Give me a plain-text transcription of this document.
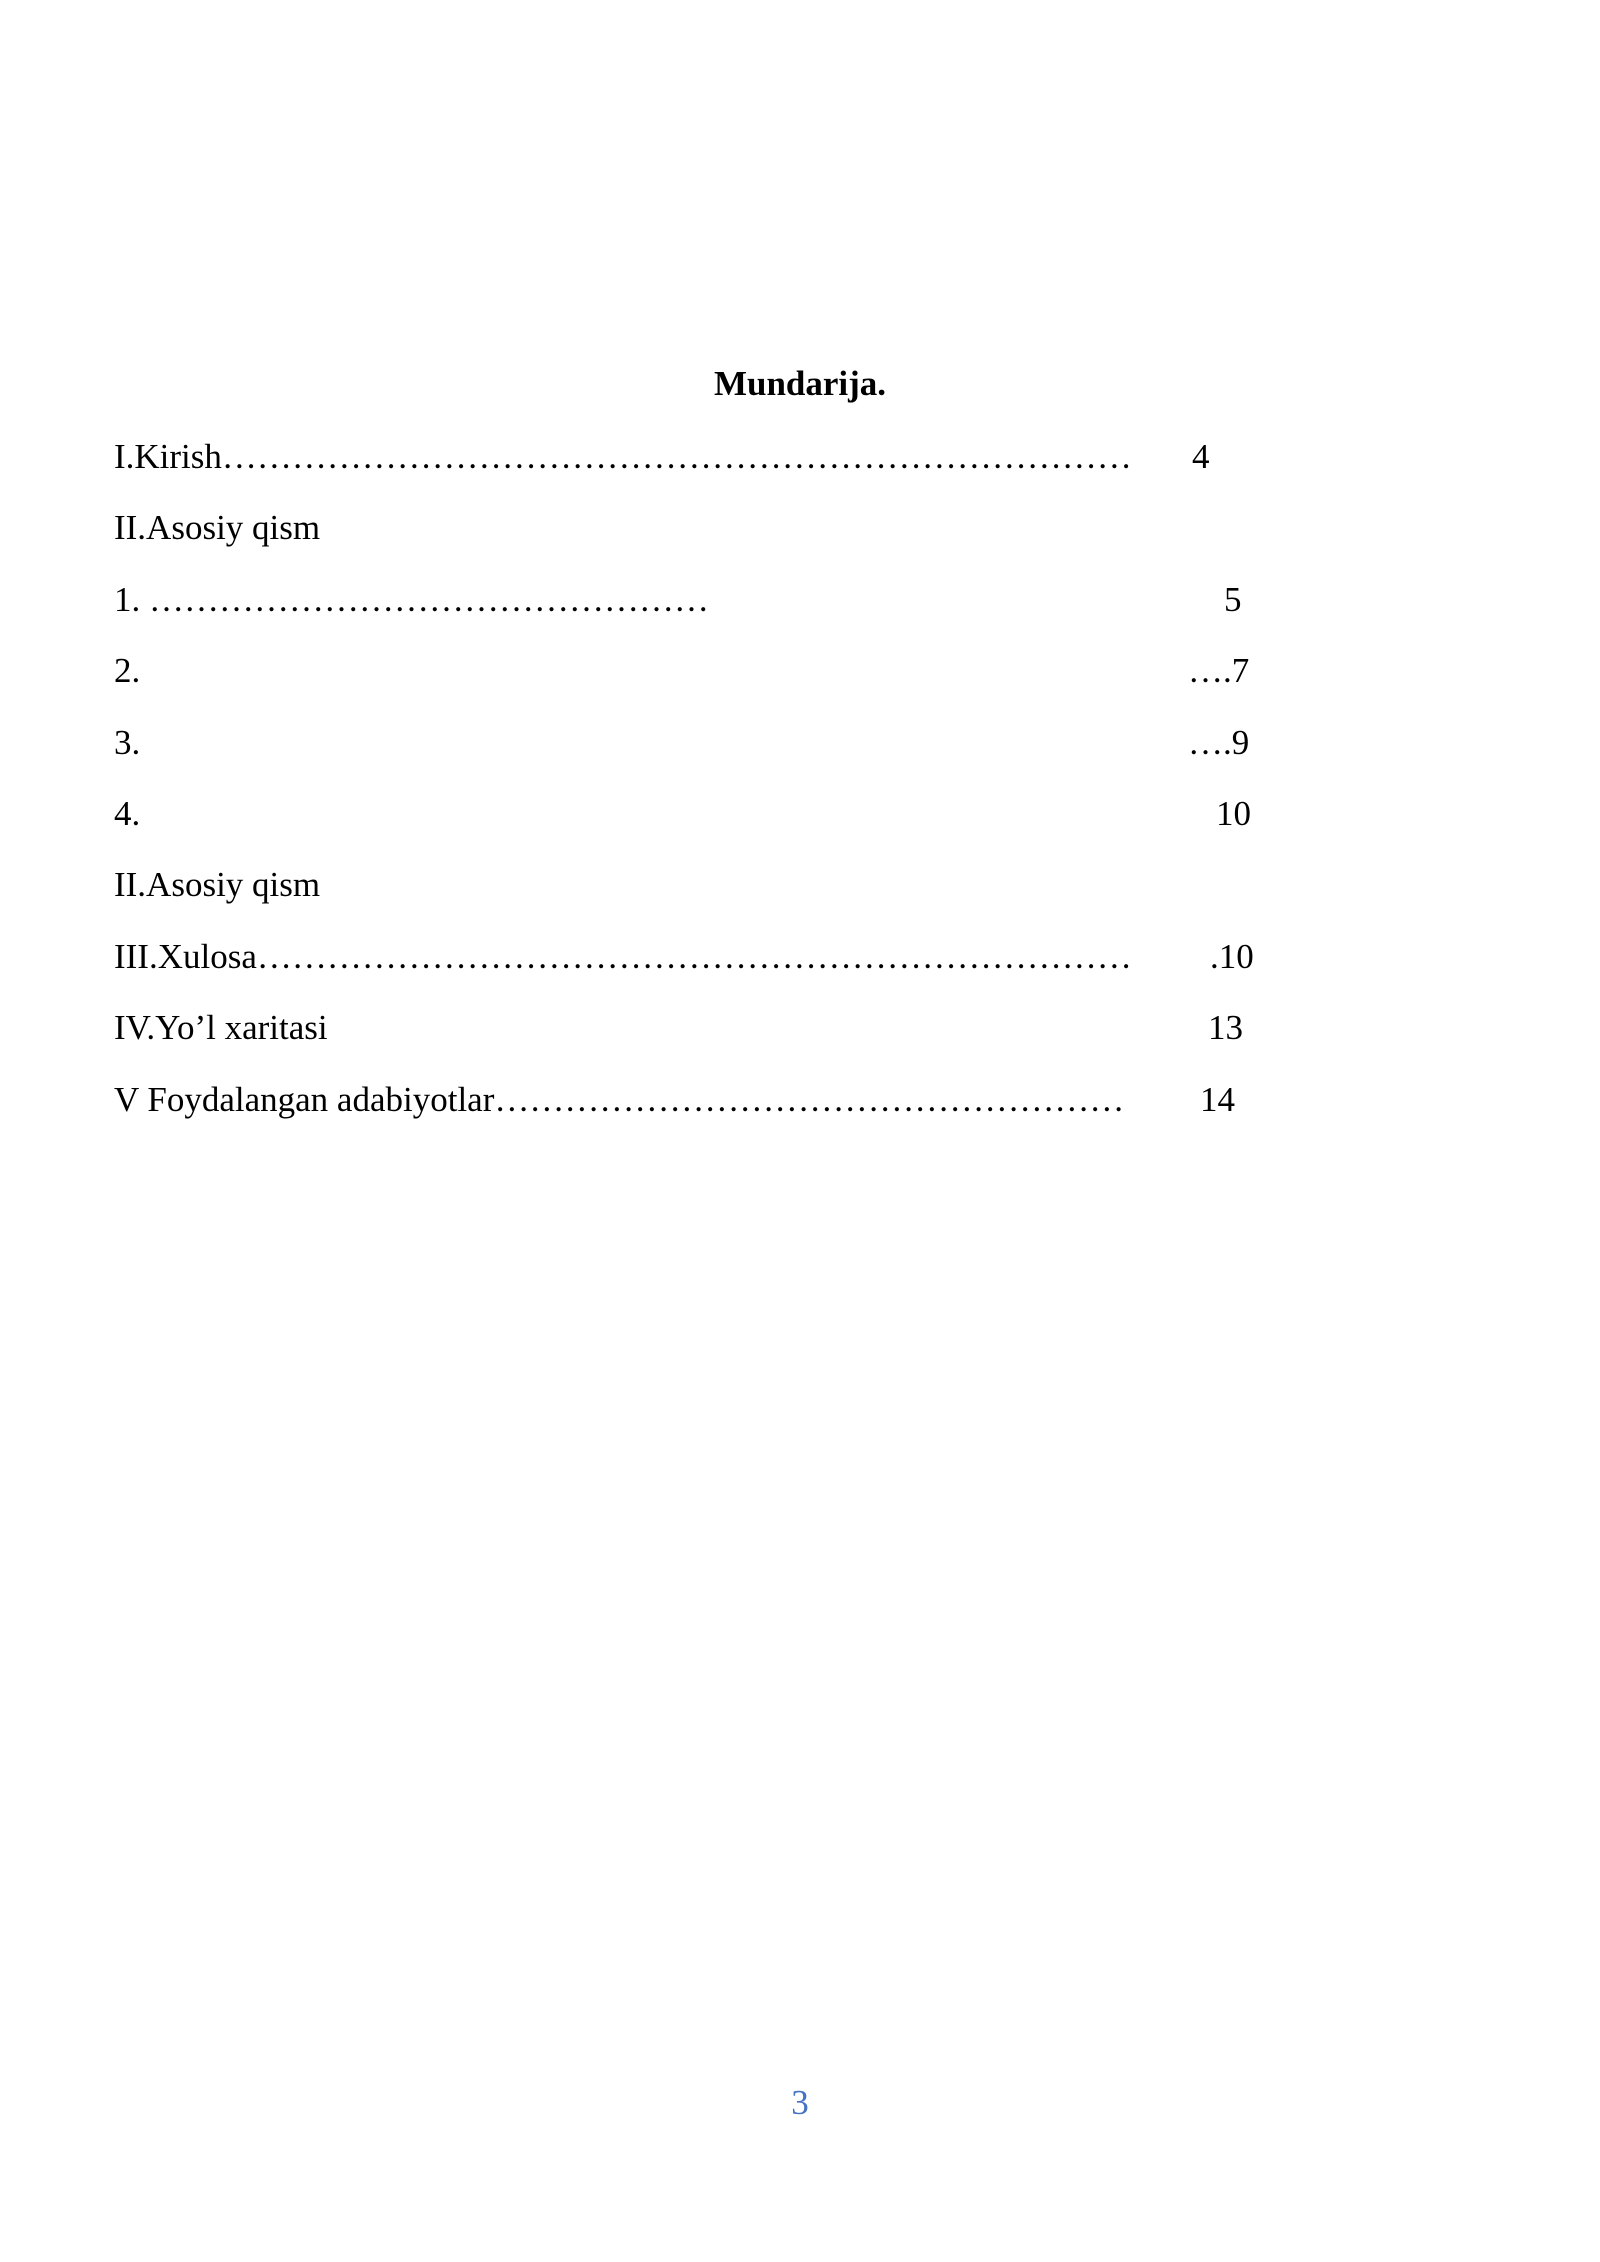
Mundarija.
I.Kirish…………………………………………………………………… 4
II.Asosiy qism
1. …………………………………………	5
2.	….7
3.	….9
4.	10
II.Asosiy qism
III.Xulosa………………………………………………………………… .10
IV.Yo’l xaritasi	13
V Foydalangan adabiyotlar……………………………………………… 14
3
